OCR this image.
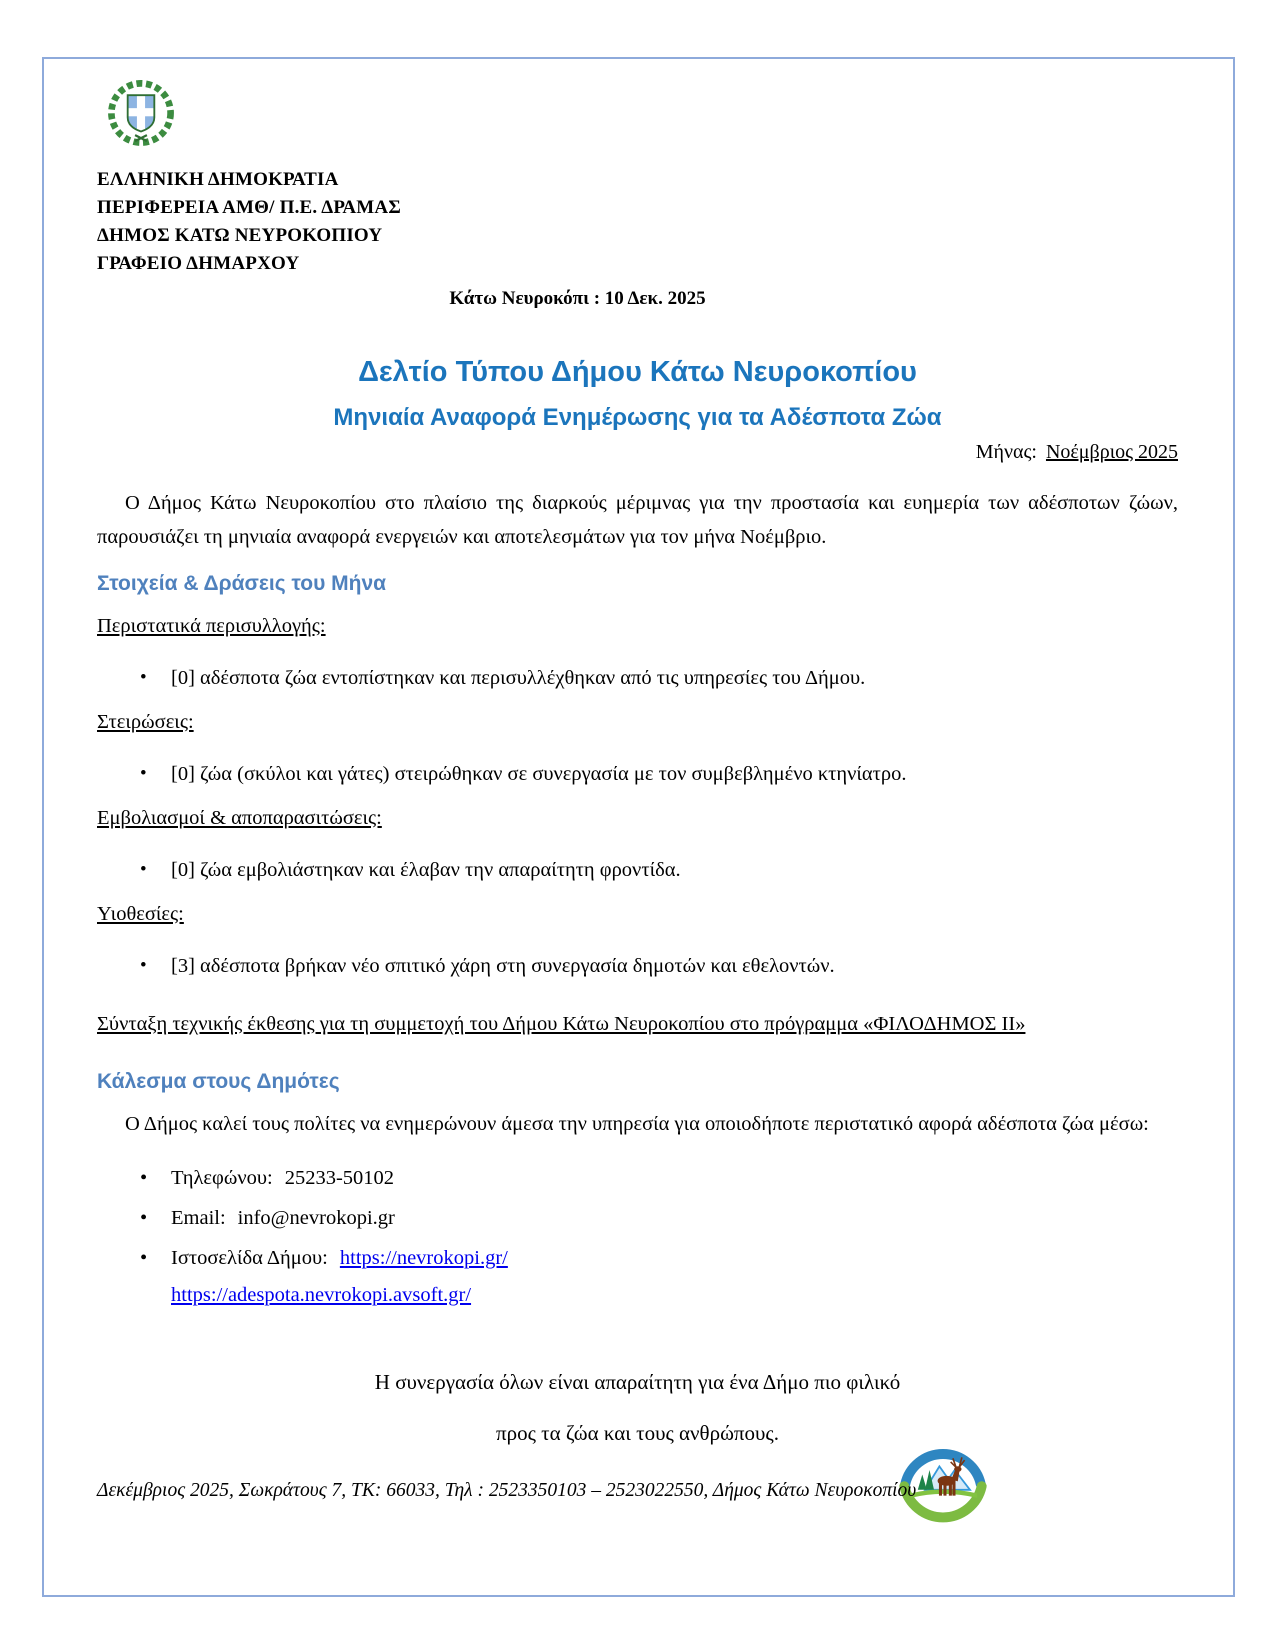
ΕΛΛΗΝΙΚΗ ΔΗΜΟΚΡΑΤΙΑ
ΠΕΡΙΦΕΡΕΙΑ ΑΜΘ/ Π.Ε. ΔΡΑΜΑΣ
ΔΗΜΟΣ ΚΑΤΩ ΝΕΥΡΟΚΟΠΙΟΥ
ΓΡΑΦΕΙΟ ΔΗΜΑΡΧΟΥ
Κάτω Νευροκόπι : 10 Δεκ. 2025
Δελτίο Τύπου Δήμου Κάτω Νευροκοπίου
Μηνιαία Αναφορά Ενημέρωσης για τα Αδέσποτα Ζώα
Μήνας: Νοέμβριος 2025
Ο Δήμος Κάτω Νευροκοπίου στο πλαίσιο της διαρκούς μέριμνας για την προστασία και ευημερία των αδέσποτων ζώων, παρουσιάζει τη μηνιαία αναφορά ενεργειών και αποτελεσμάτων για τον μήνα Νοέμβριο.
Στοιχεία & Δράσεις του Μήνα
Περιστατικά περισυλλογής:
•	[0] αδέσποτα ζώα εντοπίστηκαν και περισυλλέχθηκαν από τις υπηρεσίες του Δήμου.
Στειρώσεις:
•	[0] ζώα (σκύλοι και γάτες) στειρώθηκαν σε συνεργασία με τον συμβεβλημένο κτηνίατρο.
Εμβολιασμοί & αποπαρασιτώσεις:
•	[0] ζώα εμβολιάστηκαν και έλαβαν την απαραίτητη φροντίδα.
Υιοθεσίες:
•	[3] αδέσποτα βρήκαν νέο σπιτικό χάρη στη συνεργασία δημοτών και εθελοντών.
Σύνταξη τεχνικής έκθεσης για τη συμμετοχή του Δήμου Κάτω Νευροκοπίου στο πρόγραμμα «ΦΙΛΟΔΗΜΟΣ ΙΙ»
Κάλεσμα στους Δημότες
Ο Δήμος καλεί τους πολίτες να ενημερώνουν άμεσα την υπηρεσία για οποιοδήποτε περιστατικό αφορά αδέσποτα ζώα μέσω:
•	Τηλεφώνου: 25233-50102
•	Email: info@nevrokopi.gr
•	Ιστοσελίδα Δήμου: https://nevrokopi.gr/
https://adespota.nevrokopi.avsoft.gr/
Η συνεργασία όλων είναι απαραίτητη για ένα Δήμο πιο φιλικό
προς τα ζώα και τους ανθρώπους.
Δεκέμβριος 2025, Σωκράτους 7, ΤΚ: 66033, Τηλ : 2523350103 – 2523022550, Δήμος Κάτω Νευροκοπίου
